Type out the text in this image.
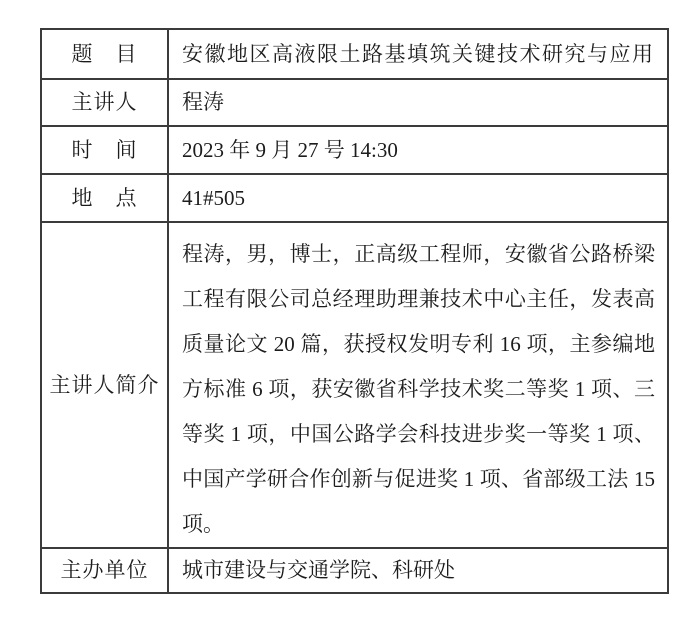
题　目	安徽地区高液限土路基填筑关键技术研究与应用
主讲人	程涛
时　间	2023 年 9 月 27 号 14:30
地　点	41#505
主讲人简介	程涛，男，博士，正高级工程师，安徽省公路桥梁工程有限公司总经理助理兼技术中心主任，发表高质量论文 20 篇，获授权发明专利 16 项，主参编地方标准 6 项，获安徽省科学技术奖二等奖 1 项、三等奖 1 项，中国公路学会科技进步奖一等奖 1 项、中国产学研合作创新与促进奖 1 项、省部级工法 15 项。
主办单位	城市建设与交通学院、科研处
